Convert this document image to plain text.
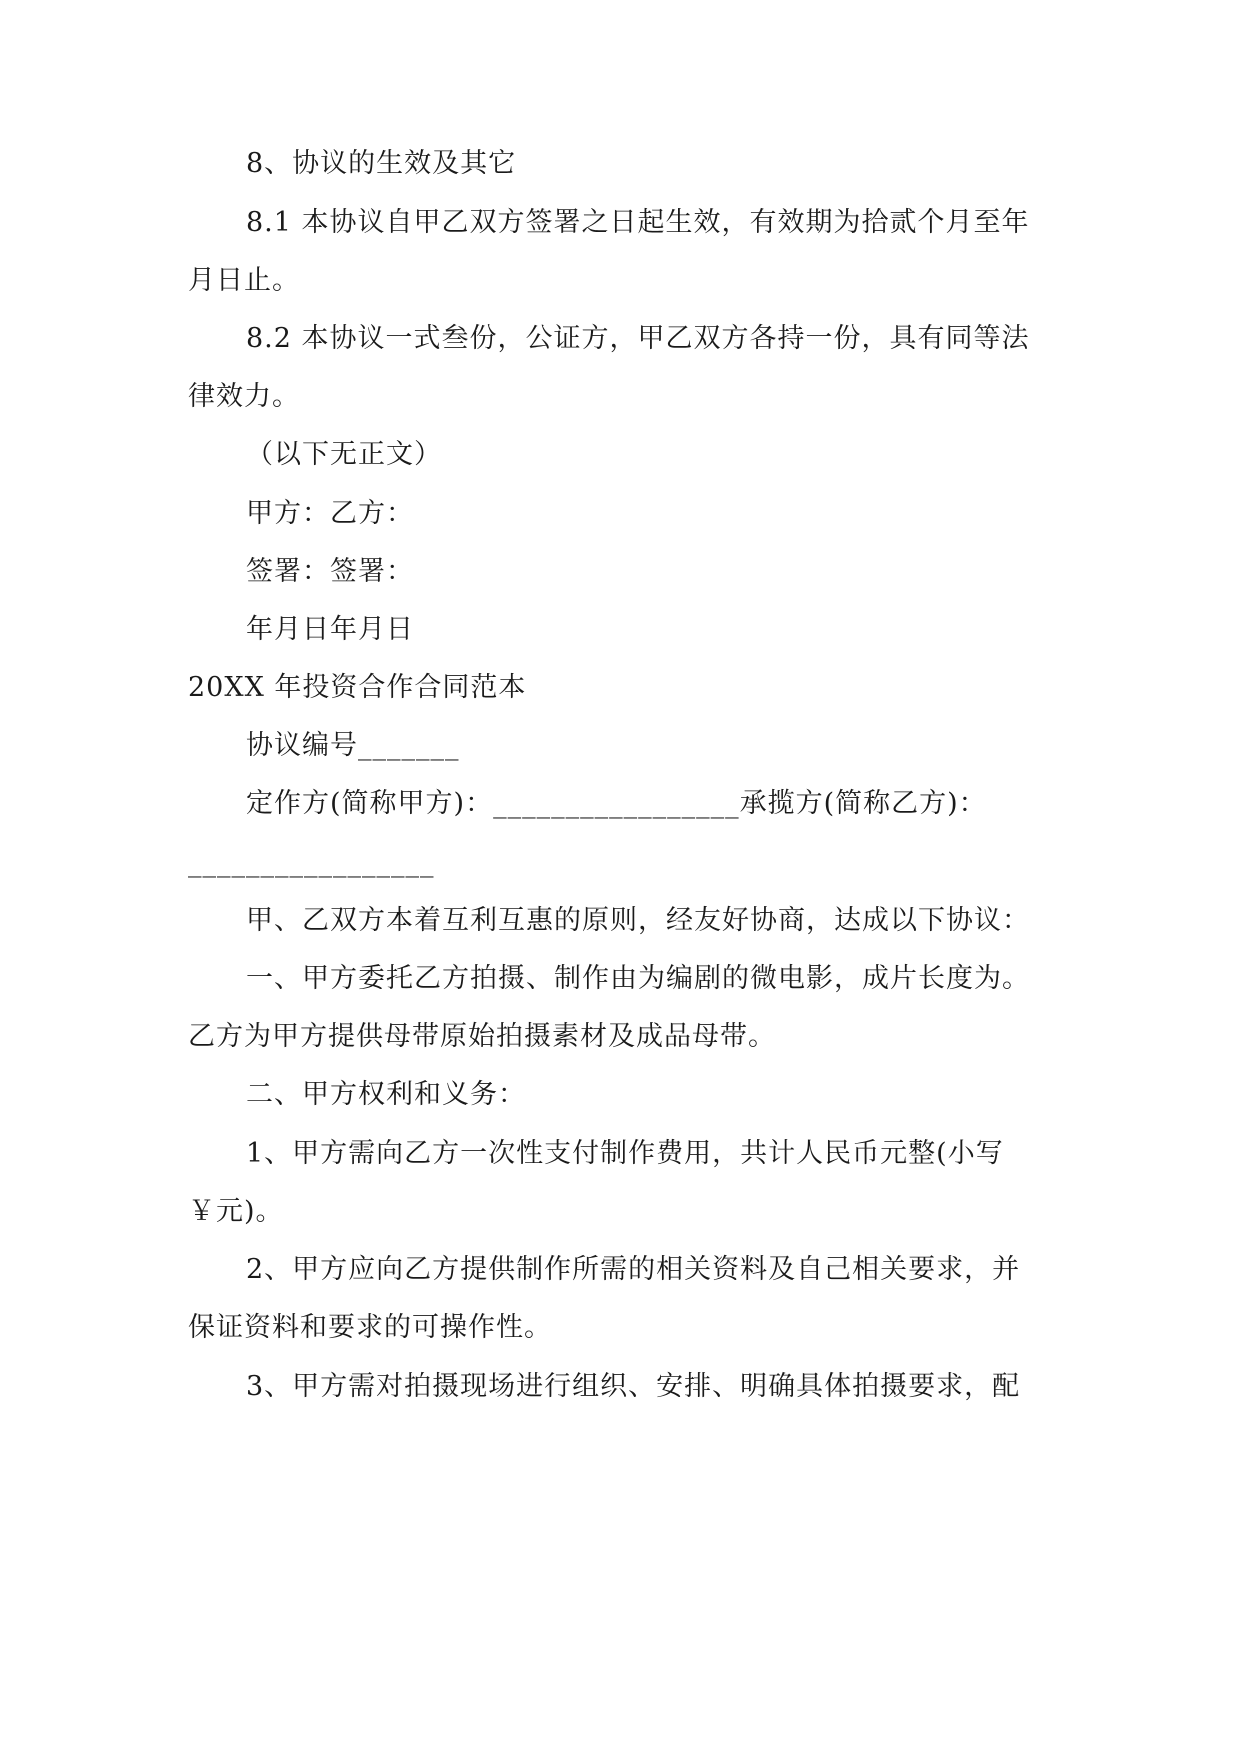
8、协议的生效及其它
8.1 本协议自甲乙双方签署之日起生效，有效期为拾贰个月至年
月日止。
8.2 本协议一式叁份，公证方，甲乙双方各持一份，具有同等法
律效力。
（以下无正文）
甲方：乙方：
签署：签署：
年月日年月日
20XX 年投资合作合同范本
协议编号_______
定作方(简称甲方)：_________________承揽方(简称乙方)：
_________________
甲、乙双方本着互利互惠的原则，经友好协商，达成以下协议：
一、甲方委托乙方拍摄、制作由为编剧的微电影，成片长度为。
乙方为甲方提供母带原始拍摄素材及成品母带。
二、甲方权利和义务：
1、甲方需向乙方一次性支付制作费用，共计人民币元整(小写
￥元)。
2、甲方应向乙方提供制作所需的相关资料及自己相关要求，并
保证资料和要求的可操作性。
3、甲方需对拍摄现场进行组织、安排、明确具体拍摄要求，配
